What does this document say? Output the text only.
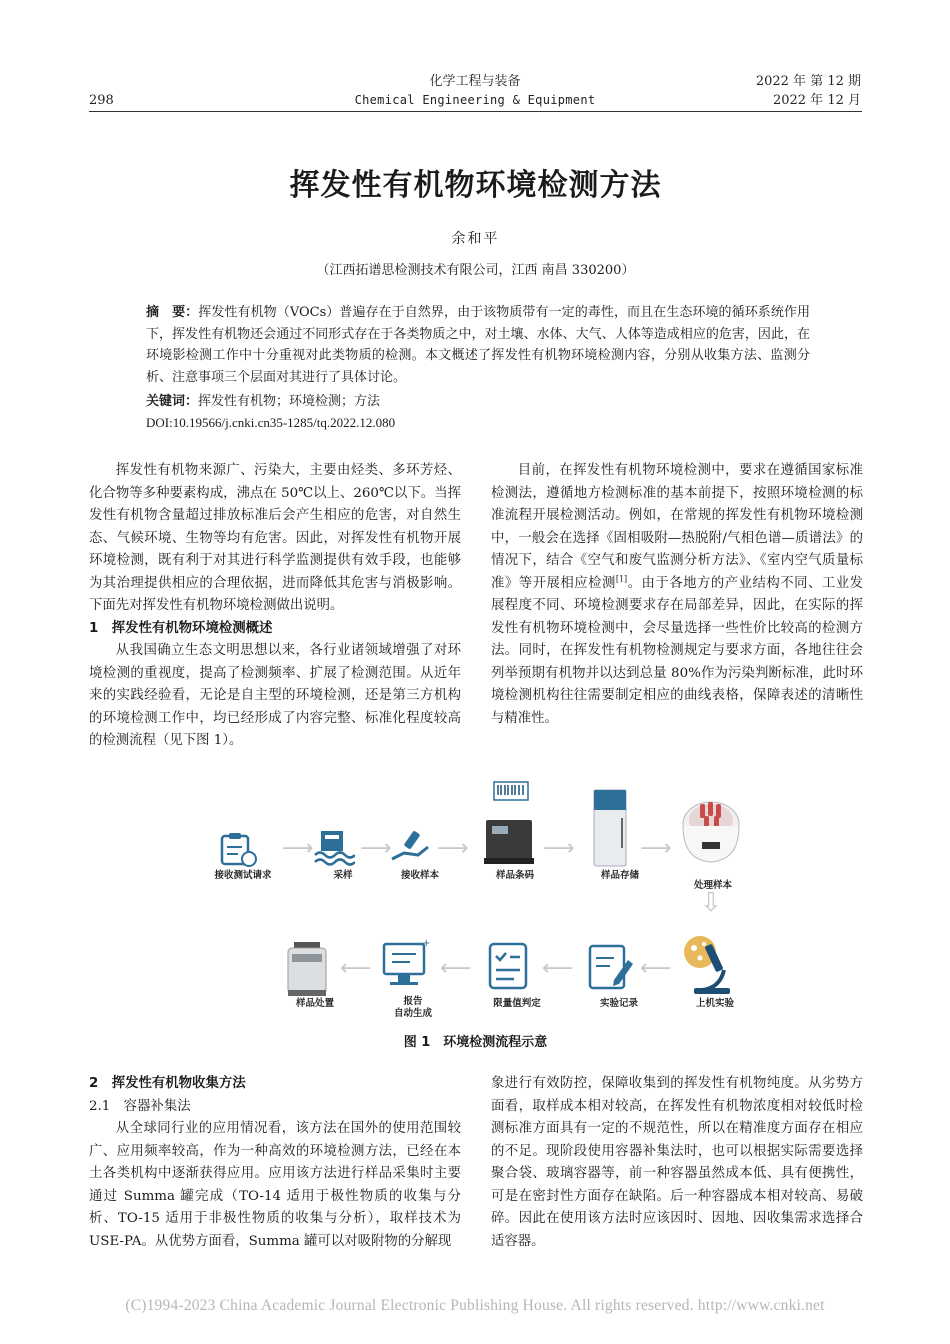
化学工程与装备
Chemical Engineering & Equipment
298
2022 年 第 12 期
2022 年 12 月
挥发性有机物环境检测方法
余和平
（江西拓谱思检测技术有限公司，江西 南昌 330200）
摘　要：挥发性有机物（VOCs）普遍存在于自然界，由于该物质带有一定的毒性，而且在生态环境的循环系统作用下，挥发性有机物还会通过不同形式存在于各类物质之中，对土壤、水体、大气、人体等造成相应的危害，因此，在环境影检测工作中十分重视对此类物质的检测。本文概述了挥发性有机物环境检测内容，分别从收集方法、监测分析、注意事项三个层面对其进行了具体讨论。
关键词：挥发性有机物；环境检测；方法
DOI:10.19566/j.cnki.cn35-1285/tq.2022.12.080

挥发性有机物来源广、污染大，主要由烃类、多环芳烃、化合物等多种要素构成，沸点在 50℃以上、260℃以下。当挥发性有机物含量超过排放标准后会产生相应的危害，对自然生态、气候环境、生物等均有危害。因此，对挥发性有机物开展环境检测，既有利于对其进行科学监测提供有效手段，也能够为其治理提供相应的合理依据，进而降低其危害与消极影响。下面先对挥发性有机物环境检测做出说明。

1　挥发性有机物环境检测概述

从我国确立生态文明思想以来，各行业诸领域增强了对环境检测的重视度，提高了检测频率、扩展了检测范围。从近年来的实践经验看，无论是自主型的环境检测，还是第三方机构的环境检测工作中，均已经形成了内容完整、标准化程度较高的检测流程（见下图 1）。

目前，在挥发性有机物环境检测中，要求在遵循国家标准检测法，遵循地方检测标准的基本前提下，按照环境检测的标准流程开展检测活动。例如，在常规的挥发性有机物环境检测中，一般会在选择《固相吸附—热脱附/气相色谱—质谱法》的情况下，结合《空气和废气监测分析方法》、《室内空气质量标准》等开展相应检测[1]。由于各地方的产业结构不同、工业发展程度不同、环境检测要求存在局部差异，因此，在实际的挥发性有机物环境检测中，会尽量选择一些性价比较高的检测方法。同时，在挥发性有机物检测规定与要求方面，各地往往会列举预期有机物并以达到总量 80%作为污染判断标准，此时环境检测机构往往需要制定相应的曲线表格，保障表述的清晰性与精准性。

接收测试请求
⟶
采样
⟶
接收样本
⟶
样品条码
⟶
样品存储
⟶
处理样本
⇩
样品处置
⟵
+
报告
自动生成
⟵
限量值判定
⟵
实验记录
⟵
上机实验
图 1　环境检测流程示意

2　挥发性有机物收集方法

2.1　容器补集法

从全球同行业的应用情况看，该方法在国外的使用范围较广、应用频率较高，作为一种高效的环境检测方法，已经在本土各类机构中逐渐获得应用。应用该方法进行样品采集时主要通过 Summa 罐完成（TO-14 适用于极性物质的收集与分析、TO-15 适用于非极性物质的收集与分析），取样技术为 USE-PA。从优势方面看，Summa 罐可以对吸附物的分解现

象进行有效防控，保障收集到的挥发性有机物纯度。从劣势方面看，取样成本相对较高，在挥发性有机物浓度相对较低时检测标准方面具有一定的不规范性，所以在精准度方面存在相应的不足。现阶段使用容器补集法时，也可以根据实际需要选择聚合袋、玻璃容器等，前一种容器虽然成本低、具有便携性，可是在密封性方面存在缺陷。后一种容器成本相对较高、易破碎。因此在使用该方法时应该因时、因地、因收集需求选择合适容器。

(C)1994-2023 China Academic Journal Electronic Publishing House. All rights reserved. http://www.cnki.net
